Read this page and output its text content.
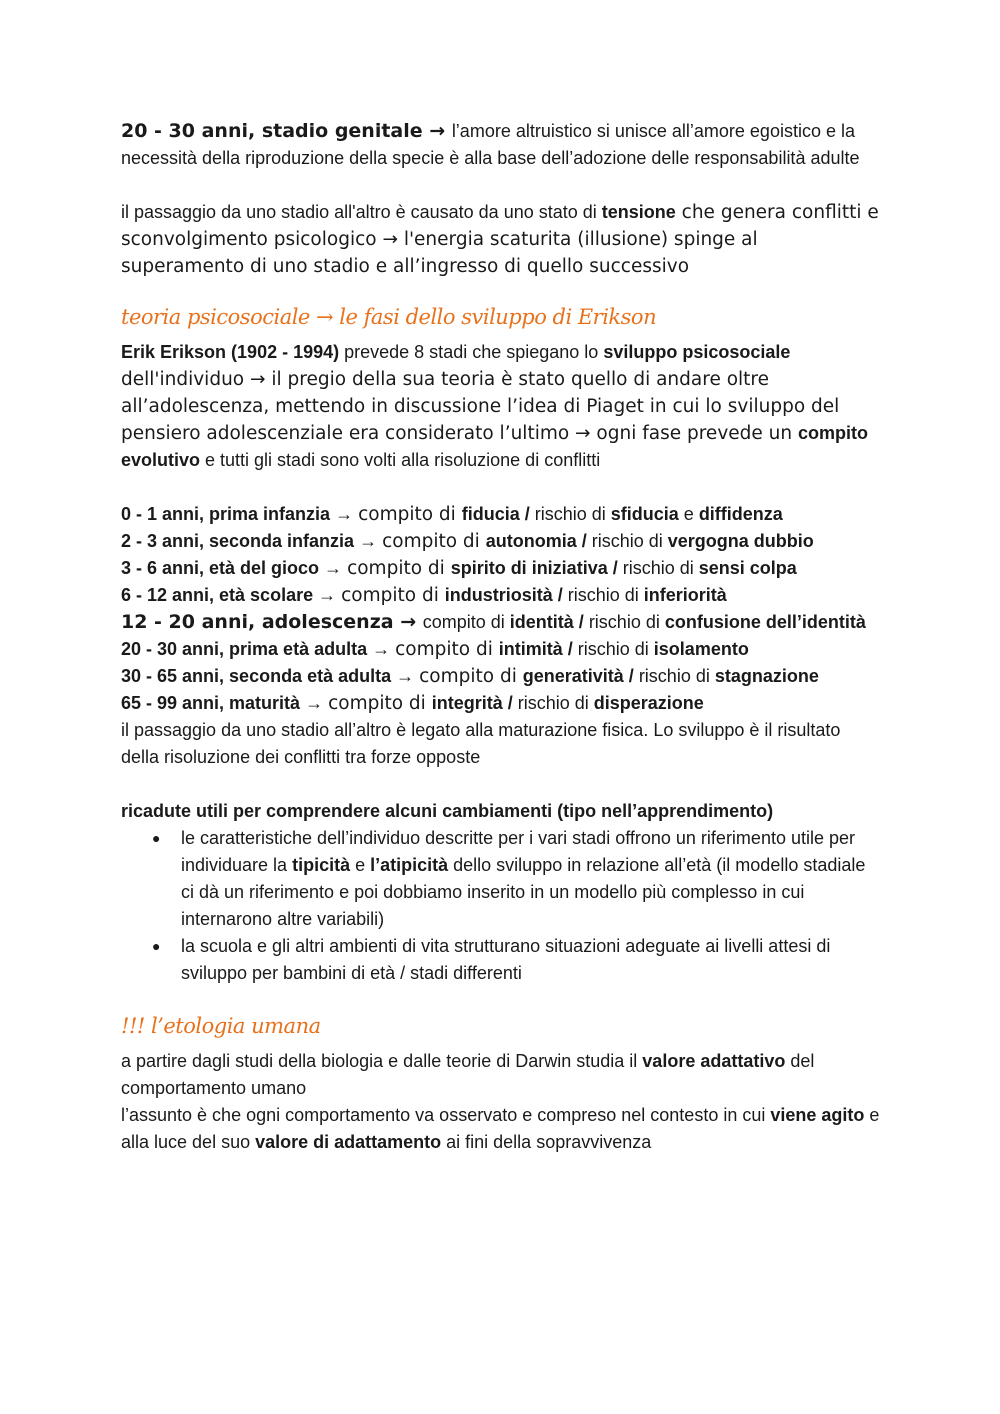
20 - 30 anni, stadio genitale → l’amore altruistico si unisce all’amore egoistico e la necessità della riproduzione della specie è alla base dell’adozione delle responsabilità adulte

il passaggio da uno stadio all'altro è causato da uno stato di tensione che genera conflitti e sconvolgimento psicologico → l'energia scaturita (illusione) spinge al superamento di uno stadio e all’ingresso di quello successivo

teoria psicosociale → le fasi dello sviluppo di Erikson

Erik Erikson (1902 - 1994) prevede 8 stadi che spiegano lo sviluppo psicosociale dell'individuo → il pregio della sua teoria è stato quello di andare oltre all’adolescenza, mettendo in discussione l’idea di Piaget in cui lo sviluppo del pensiero adolescenziale era considerato l’ultimo → ogni fase prevede un compito evolutivo e tutti gli stadi sono volti alla risoluzione di conflitti

0 - 1 anni, prima infanzia → compito di fiducia / rischio di sfiducia e diffidenza

2 - 3 anni, seconda infanzia → compito di autonomia / rischio di vergogna dubbio

3 - 6 anni, età del gioco → compito di spirito di iniziativa / rischio di sensi colpa

6 - 12 anni, età scolare → compito di industriosità / rischio di inferiorità

12 - 20 anni, adolescenza → compito di identità / rischio di confusione dell’identità

20 - 30 anni, prima età adulta → compito di intimità / rischio di isolamento

30 - 65 anni, seconda età adulta → compito di generatività / rischio di stagnazione

65 - 99 anni, maturità → compito di integrità / rischio di disperazione

il passaggio da uno stadio all’altro è legato alla maturazione fisica. Lo sviluppo è il risultato della risoluzione dei conflitti tra forze opposte

ricadute utili per comprendere alcuni cambiamenti (tipo nell’apprendimento)

● le caratteristiche dell’individuo descritte per i vari stadi offrono un riferimento utile per individuare la tipicità e l’atipicità dello sviluppo in relazione all’età (il modello stadiale ci dà un riferimento e poi dobbiamo inserito in un modello più complesso in cui internarono altre variabili)
● la scuola e gli altri ambienti di vita strutturano situazioni adeguate ai livelli attesi di sviluppo per bambini di età / stadi differenti

!!! l’etologia umana

a partire dagli studi della biologia e dalle teorie di Darwin studia il valore adattativo del comportamento umano

l’assunto è che ogni comportamento va osservato e compreso nel contesto in cui viene agito e alla luce del suo valore di adattamento ai fini della sopravvivenza
